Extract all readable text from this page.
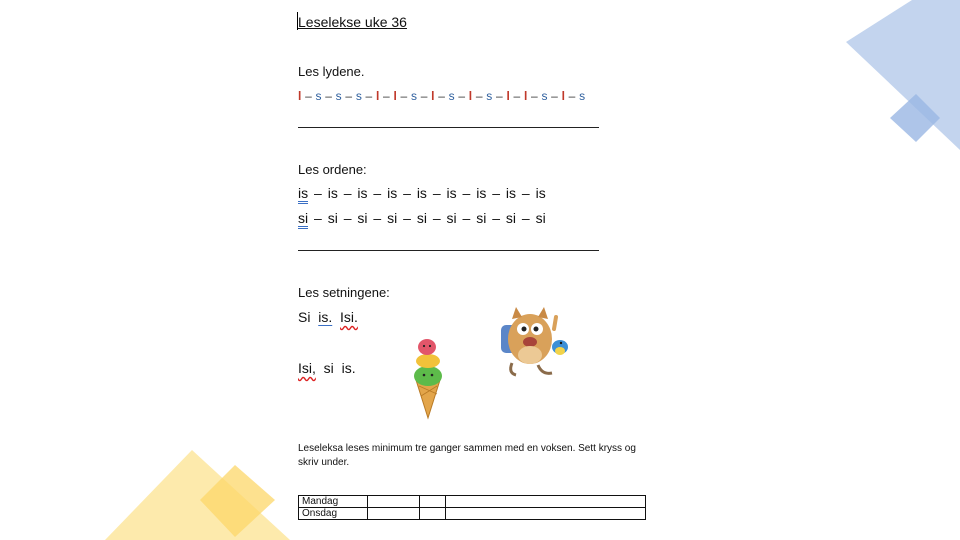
Leselekse uke 36
Les lydene.
l – s – s – s – l – l – s – l – s – l – s – l – l – s – l – s
Les ordene:
is – is – is – is – is – is – is – is – is
si – si – si – si – si – si – si – si – si
Les setningene:
Si is. Isi.
Isi, si is.
Leseleksa leses minimum tre ganger sammen med en voksen. Sett kryss og skriv under.
Mandag			
Onsdag			
